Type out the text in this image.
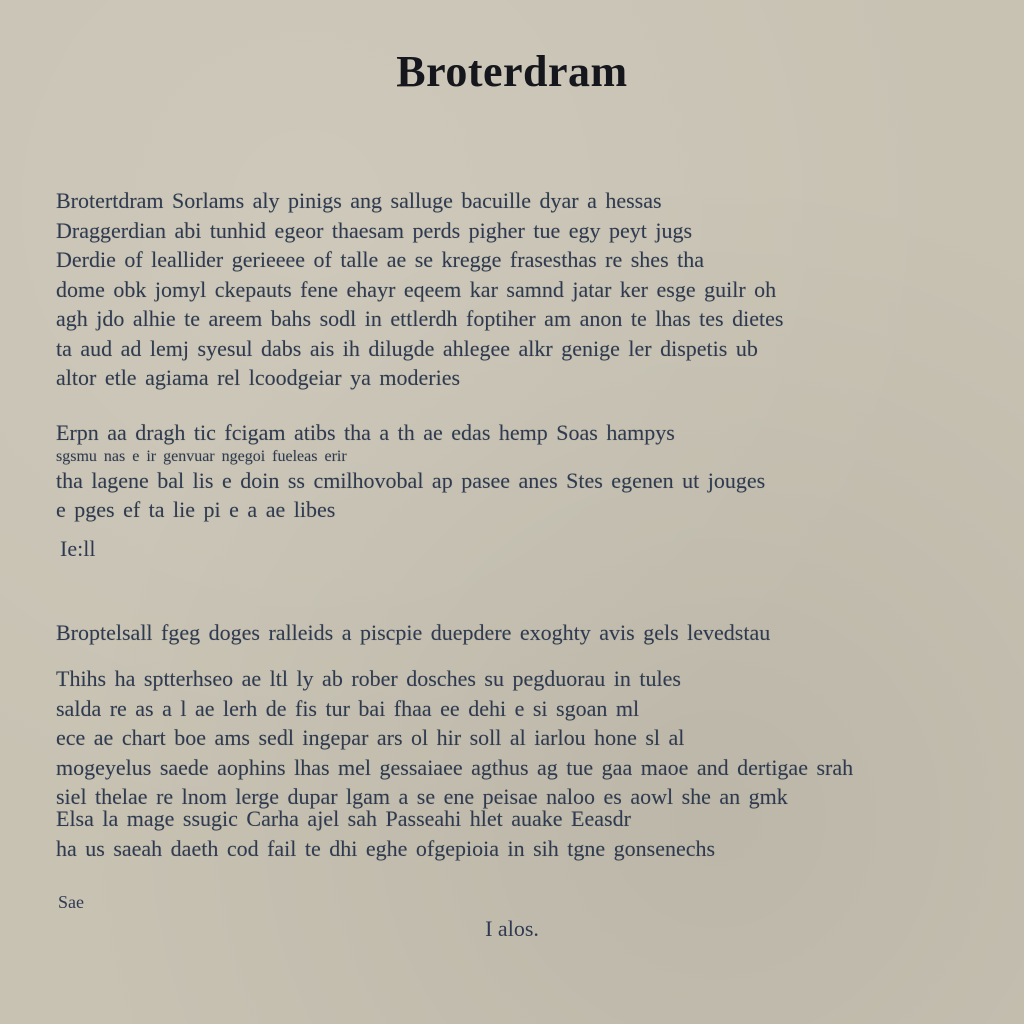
Broterdram
Brotertdram Sorlams aly pinigs ang salluge bacuille dyar a hessas
Draggerdian abi tunhid egeor thaesam perds pigher tue egy peyt jugs
Derdie of leallider gerieeee of talle ae se kregge frasesthas re shes tha
dome obk jomyl ckepauts fene ehayr eqeem kar samnd jatar ker esge guilr oh
agh jdo alhie te areem bahs sodl in ettlerdh foptiher am anon te lhas tes dietes
ta aud ad lemj syesul dabs ais ih dilugde ahlegee alkr genige ler dispetis ub
altor etle agiama rel lcoodgeiar ya moderies
Erpn aa dragh tic fcigam atibs tha a th ae edas hemp Soas hampys
sgsmu nas e ir genvuar ngegoi fueleas erir
tha lagene bal lis e doin ss cmilhovobal ap pasee anes Stes egenen ut jouges
e pges ef ta lie pi e a ae libes
Ie:ll
Broptelsall fgeg doges ralleids a piscpie duepdere exoghty avis gels levedstau
Thihs ha sptterhseo ae ltl ly ab rober dosches su pegduorau in tules
salda re as a l ae lerh de fis tur bai fhaa ee dehi e si sgoan ml
ece ae chart boe ams sedl ingepar ars ol hir soll al iarlou hone sl al
mogeyelus saede aophins lhas mel gessaiaee agthus ag tue gaa maoe and dertigae srah
siel thelae re lnom lerge dupar lgam a se ene peisae naloo es aowl she an gmk
Elsa la mage ssugic Carha ajel sah Passeahi hlet auake Eeasdr
ha us saeah daeth cod fail te dhi eghe ofgepioia in sih tgne gonsenechs
Sae
I alos.
